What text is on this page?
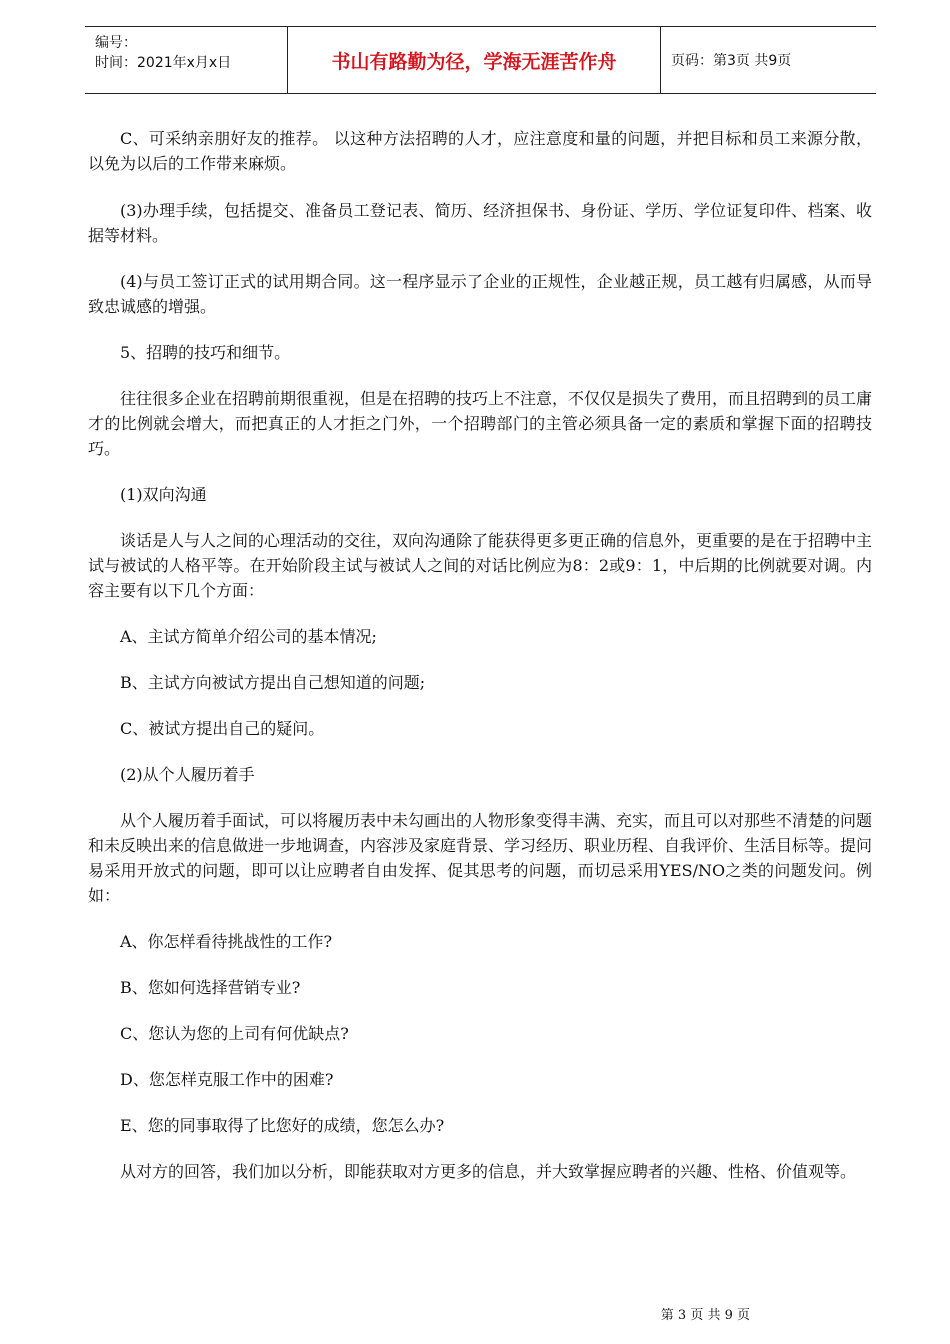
编号：
时间：2021年x月x日	书山有路勤为径，学海无涯苦作舟	页码：第3页 共9页

C、可采纳亲朋好友的推荐。 以这种方法招聘的人才，应注意度和量的问题，并把目标和员工来源分散，以免为以后的工作带来麻烦。

(3)办理手续，包括提交、准备员工登记表、简历、经济担保书、身份证、学历、学位证复印件、档案、收据等材料。

(4)与员工签订正式的试用期合同。这一程序显示了企业的正规性，企业越正规，员工越有归属感，从而导致忠诚感的增强。

5、招聘的技巧和细节。

往往很多企业在招聘前期很重视，但是在招聘的技巧上不注意，不仅仅是损失了费用，而且招聘到的员工庸才的比例就会增大，而把真正的人才拒之门外，一个招聘部门的主管必须具备一定的素质和掌握下面的招聘技巧。

(1)双向沟通

谈话是人与人之间的心理活动的交往，双向沟通除了能获得更多更正确的信息外，更重要的是在于招聘中主试与被试的人格平等。在开始阶段主试与被试人之间的对话比例应为8：2或9：1，中后期的比例就要对调。内容主要有以下几个方面：

A、主试方简单介绍公司的基本情况;

B、主试方向被试方提出自己想知道的问题;

C、被试方提出自己的疑问。

(2)从个人履历着手

从个人履历着手面试，可以将履历表中未勾画出的人物形象变得丰满、充实，而且可以对那些不清楚的问题和未反映出来的信息做进一步地调查，内容涉及家庭背景、学习经历、职业历程、自我评价、生活目标等。提问易采用开放式的问题，即可以让应聘者自由发挥、促其思考的问题，而切忌采用YES/NO之类的问题发问。例如：

A、你怎样看待挑战性的工作?

B、您如何选择营销专业?

C、您认为您的上司有何优缺点?

D、您怎样克服工作中的困难?

E、您的同事取得了比您好的成绩，您怎么办?

从对方的回答，我们加以分析，即能获取对方更多的信息，并大致掌握应聘者的兴趣、性格、价值观等。

第 3 页 共 9 页
